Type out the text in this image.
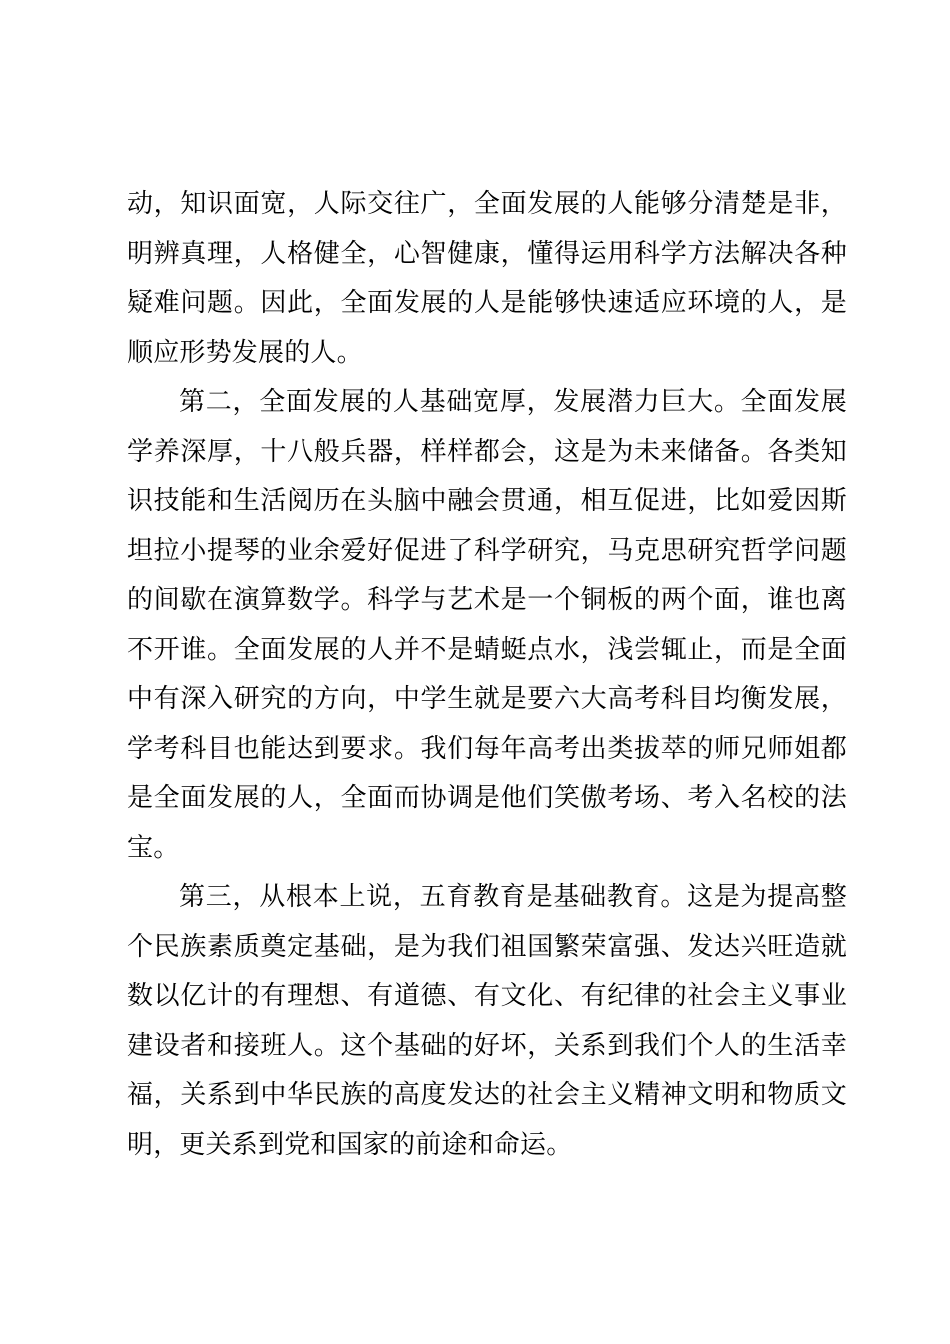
动，知识面宽，人际交往广，全面发展的人能够分清楚是非，
明辨真理，人格健全，心智健康，懂得运用科学方法解决各种
疑难问题。因此，全面发展的人是能够快速适应环境的人，是
顺应形势发展的人。
第二，全面发展的人基础宽厚，发展潜力巨大。全面发展
学养深厚，十八般兵器，样样都会，这是为未来储备。各类知
识技能和生活阅历在头脑中融会贯通，相互促进，比如爱因斯
坦拉小提琴的业余爱好促进了科学研究，马克思研究哲学问题
的间歇在演算数学。科学与艺术是一个铜板的两个面，谁也离
不开谁。全面发展的人并不是蜻蜓点水，浅尝辄止，而是全面
中有深入研究的方向，中学生就是要六大高考科目均衡发展，
学考科目也能达到要求。我们每年高考出类拔萃的师兄师姐都
是全面发展的人，全面而协调是他们笑傲考场、考入名校的法
宝。
第三，从根本上说，五育教育是基础教育。这是为提高整
个民族素质奠定基础，是为我们祖国繁荣富强、发达兴旺造就
数以亿计的有理想、有道德、有文化、有纪律的社会主义事业
建设者和接班人。这个基础的好坏，关系到我们个人的生活幸
福，关系到中华民族的高度发达的社会主义精神文明和物质文
明，更关系到党和国家的前途和命运。
